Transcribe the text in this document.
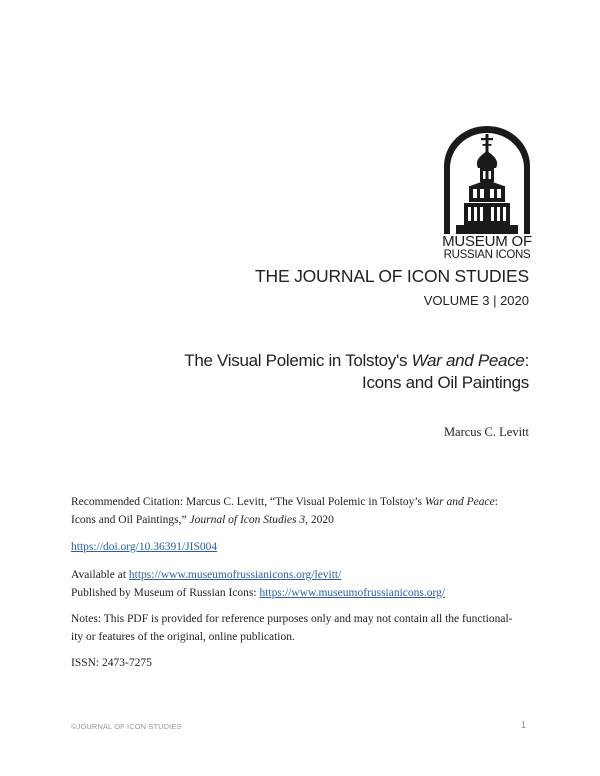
MUSEUM OF
RUSSIAN ICONS
THE JOURNAL OF ICON STUDIES
VOLUME 3 | 2020
The Visual Polemic in Tolstoy's War and Peace:
Icons and Oil Paintings
Marcus C. Levitt
Recommended Citation: Marcus C. Levitt, “The Visual Polemic in Tolstoy’s War and Peace:
Icons and Oil Paintings,” Journal of Icon Studies 3, 2020
https://doi.org/10.36391/JIS004
Available at https://www.museumofrussianicons.org/levitt/
Published by Museum of Russian Icons: https://www.museumofrussianicons.org/
Notes: This PDF is provided for reference purposes only and may not contain all the functional-
ity or features of the original, online publication.
ISSN: 2473-7275
©JOURNAL OF ICON STUDIES	1
